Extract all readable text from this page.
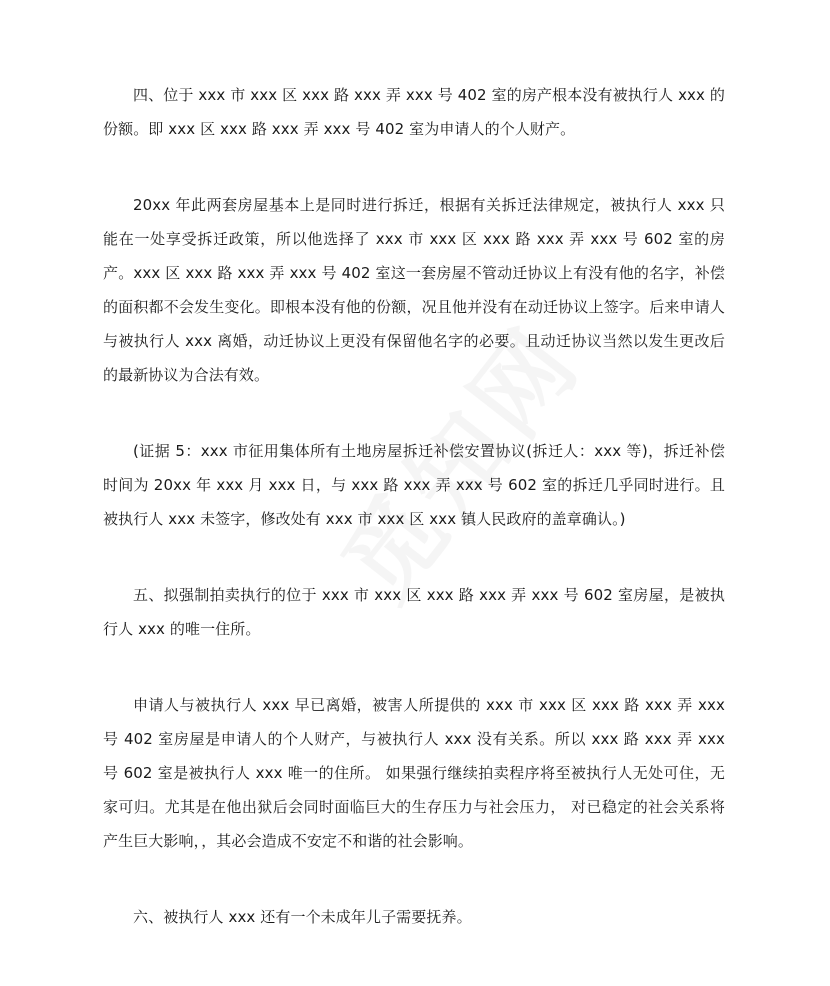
四、位于 xxx 市 xxx 区 xxx 路 xxx 弄 xxx 号 402 室的房产根本没有被执行人 xxx 的份额。即 xxx 区 xxx 路 xxx 弄 xxx 号 402 室为申请人的个人财产。

20xx 年此两套房屋基本上是同时进行拆迁，根据有关拆迁法律规定，被执行人 xxx 只能在一处享受拆迁政策，所以他选择了 xxx 市 xxx 区 xxx 路 xxx 弄 xxx 号 602 室的房产。xxx 区 xxx 路 xxx 弄 xxx 号 402 室这一套房屋不管动迁协议上有没有他的名字，补偿的面积都不会发生变化。即根本没有他的份额，况且他并没有在动迁协议上签字。后来申请人与被执行人 xxx 离婚，动迁协议上更没有保留他名字的必要。且动迁协议当然以发生更改后的最新协议为合法有效。

(证据 5：xxx 市征用集体所有土地房屋拆迁补偿安置协议(拆迁人：xxx 等)，拆迁补偿时间为 20xx 年 xxx 月 xxx 日，与 xxx 路 xxx 弄 xxx 号 602 室的拆迁几乎同时进行。且被执行人 xxx 未签字，修改处有 xxx 市 xxx 区 xxx 镇人民政府的盖章确认。)

五、拟强制拍卖执行的位于 xxx 市 xxx 区 xxx 路 xxx 弄 xxx 号 602 室房屋，是被执行人 xxx 的唯一住所。

申请人与被执行人 xxx 早已离婚，被害人所提供的 xxx 市 xxx 区 xxx 路 xxx 弄 xxx 号 402 室房屋是申请人的个人财产，与被执行人 xxx 没有关系。所以 xxx 路 xxx 弄 xxx 号 602 室是被执行人 xxx 唯一的住所。 如果强行继续拍卖程序将至被执行人无处可住，无家可归。尤其是在他出狱后会同时面临巨大的生存压力与社会压力， 对已稳定的社会关系将产生巨大影响，，其必会造成不安定不和谐的社会影响。

六、被执行人 xxx 还有一个未成年儿子需要抚养。
